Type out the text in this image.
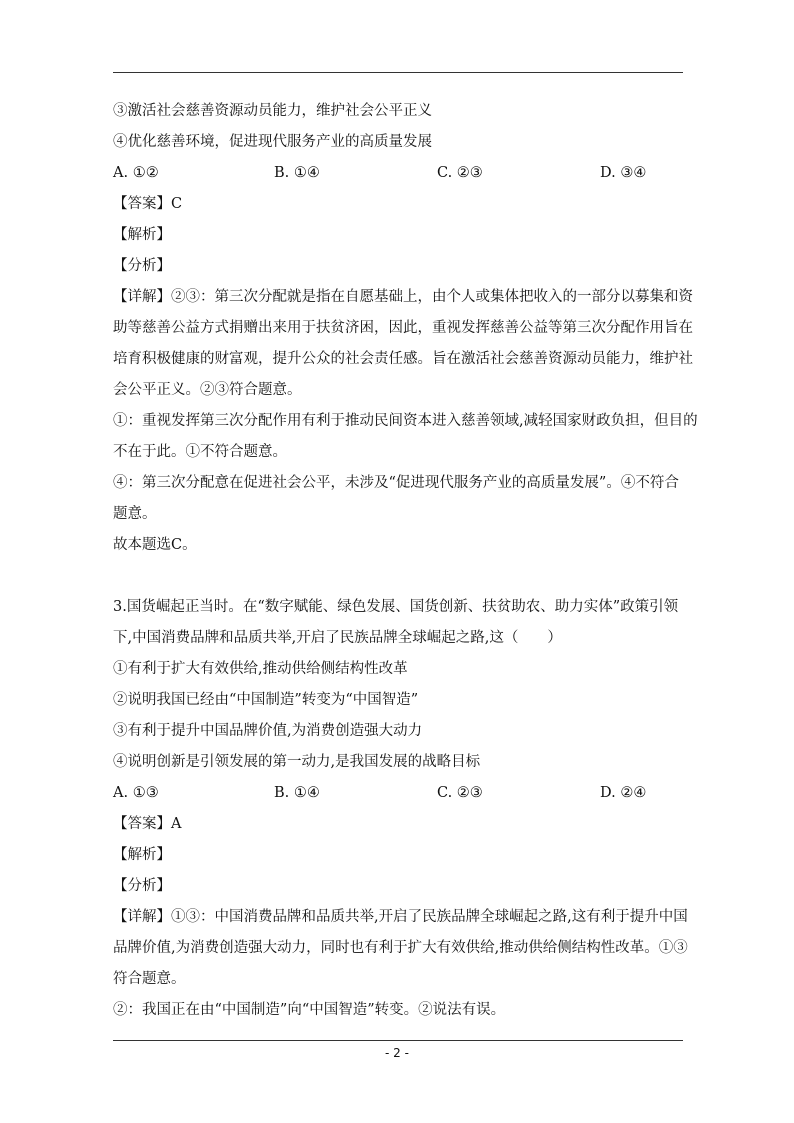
③激活社会慈善资源动员能力，维护社会公平正义
④优化慈善环境，促进现代服务产业的高质量发展
A. ①②	B. ①④	C. ②③	D. ③④
【答案】C
【解析】
【分析】
【详解】②③：第三次分配就是指在自愿基础上，由个人或集体把收入的一部分以募集和资
助等慈善公益方式捐赠出来用于扶贫济困，因此，重视发挥慈善公益等第三次分配作用旨在
培育积极健康的财富观，提升公众的社会责任感。旨在激活社会慈善资源动员能力，维护社
会公平正义。②③符合题意。
①：重视发挥第三次分配作用有利于推动民间资本进入慈善领域,减轻国家财政负担，但目的
不在于此。①不符合题意。
④：第三次分配意在促进社会公平，未涉及“促进现代服务产业的高质量发展”。④不符合
题意。
故本题选C。
3.国货崛起正当时。在“数字赋能、绿色发展、国货创新、扶贫助农、助力实体”政策引领
下,中国消费品牌和品质共举,开启了民族品牌全球崛起之路,这（　　）
①有利于扩大有效供给,推动供给侧结构性改革
②说明我国已经由“中国制造”转变为“中国智造”
③有利于提升中国品牌价值,为消费创造强大动力
④说明创新是引领发展的第一动力,是我国发展的战略目标
A. ①③	B. ①④	C. ②③	D. ②④
【答案】A
【解析】
【分析】
【详解】①③：中国消费品牌和品质共举,开启了民族品牌全球崛起之路,这有利于提升中国
品牌价值,为消费创造强大动力，同时也有利于扩大有效供给,推动供给侧结构性改革。①③
符合题意。
②：我国正在由“中国制造”向“中国智造”转变。②说法有误。
- 2 -
